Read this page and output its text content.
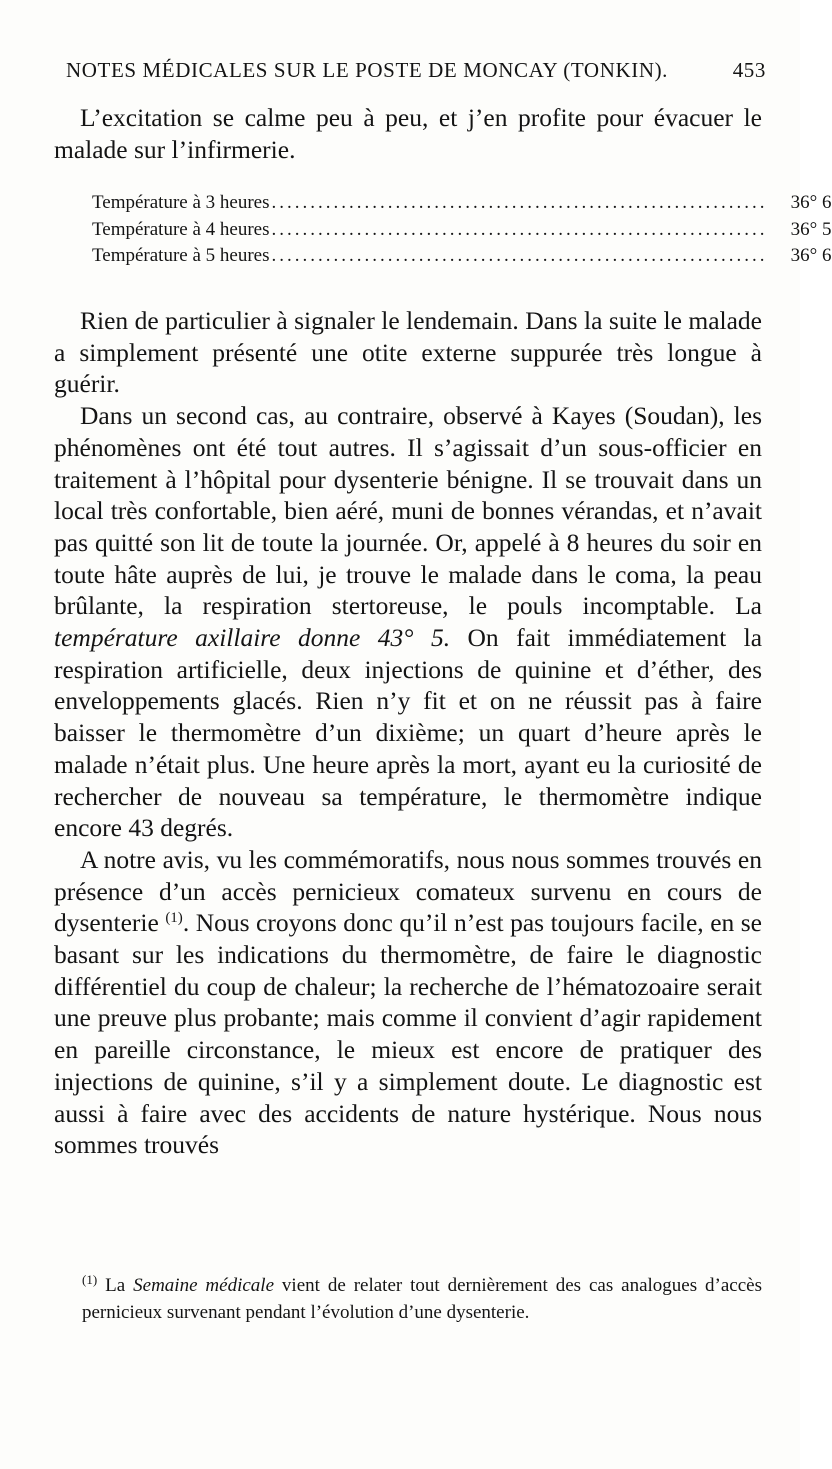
NOTES MÉDICALES SUR LE POSTE DE MONCAY (TONKIN).	453
L’excitation se calme peu à peu, et j’en profite pour évacuer le malade sur l’infirmerie.
Température à 3 heures ................................................................	36° 6
Température à 4 heures ................................................................	36° 5
Température à 5 heures ................................................................	36° 6

Rien de particulier à signaler le lendemain. Dans la suite le malade a simplement présenté une otite externe suppurée très longue à guérir.

Dans un second cas, au contraire, observé à Kayes (Soudan), les phénomènes ont été tout autres. Il s’agissait d’un sous-officier en traitement à l’hôpital pour dysenterie bénigne. Il se trouvait dans un local très confortable, bien aéré, muni de bonnes vérandas, et n’avait pas quitté son lit de toute la journée. Or, appelé à 8 heures du soir en toute hâte auprès de lui, je trouve le malade dans le coma, la peau brûlante, la respiration stertoreuse, le pouls incomptable. La température axillaire donne 43° 5. On fait immédiatement la respiration artificielle, deux injections de quinine et d’éther, des enveloppements glacés. Rien n’y fit et on ne réussit pas à faire baisser le thermomètre d’un dixième; un quart d’heure après le malade n’était plus. Une heure après la mort, ayant eu la curiosité de rechercher de nouveau sa température, le thermomètre indique encore 43 degrés.

A notre avis, vu les commémoratifs, nous nous sommes trouvés en présence d’un accès pernicieux comateux survenu en cours de dysenterie $^{(1)}$. Nous croyons donc qu’il n’est pas toujours facile, en se basant sur les indications du thermomètre, de faire le diagnostic différentiel du coup de chaleur; la recherche de l’hématozoaire serait une preuve plus probante; mais comme il convient d’agir rapidement en pareille circonstance, le mieux est encore de pratiquer des injections de quinine, s’il y a simplement doute. Le diagnostic est aussi à faire avec des accidents de nature hystérique. Nous nous sommes trouvés

$^{(1)}$ La Semaine médicale vient de relater tout dernièrement des cas analogues d’accès pernicieux survenant pendant l’évolution d’une dysenterie.
